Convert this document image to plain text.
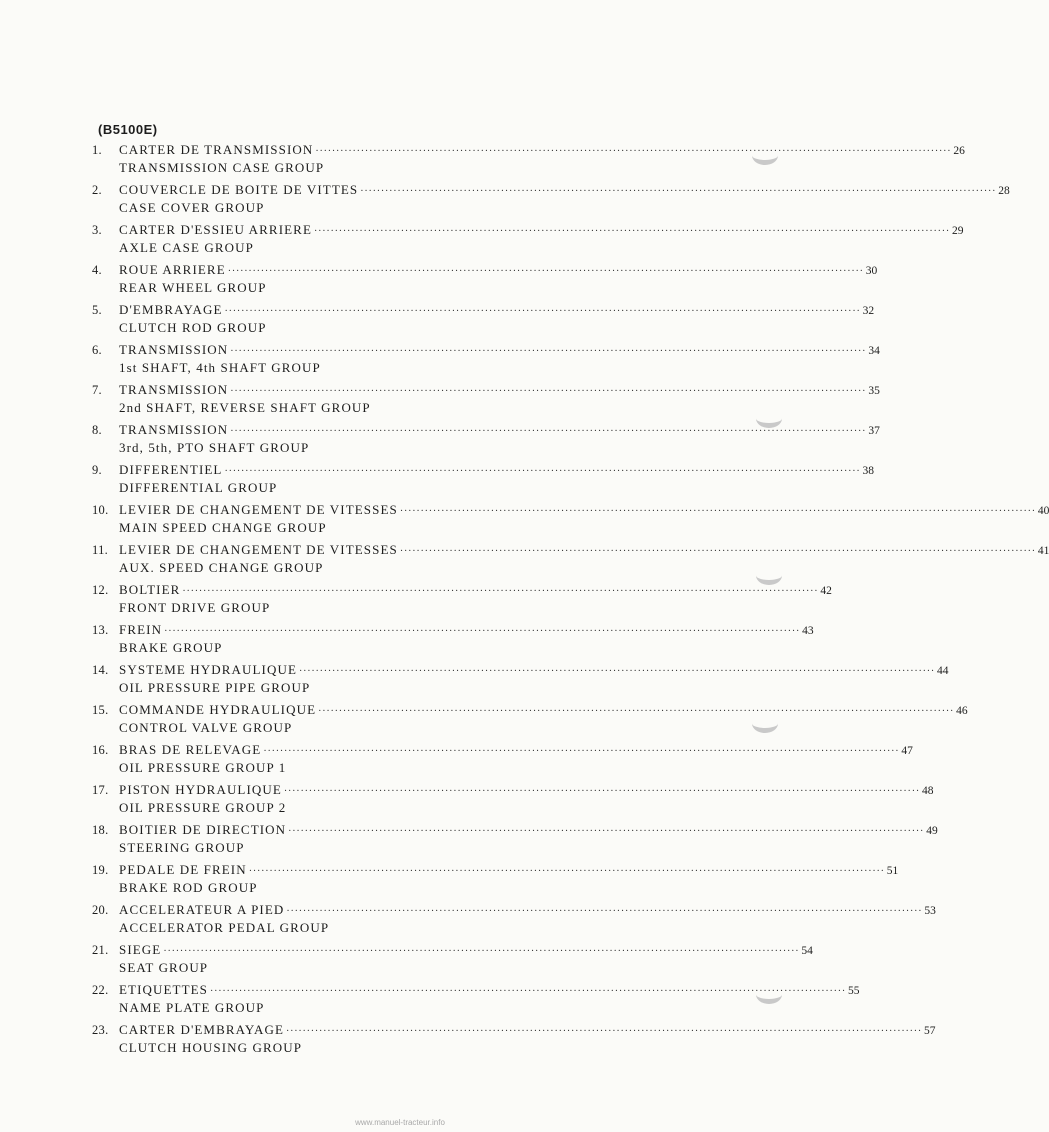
(B5100E)
1.	CARTER DE TRANSMISSION ·························································································································································· 26
TRANSMISSION CASE GROUP
2.	COUVERCLE DE BOITE DE VITTES ·························································································································································· 28
CASE COVER GROUP
3.	CARTER D'ESSIEU ARRIERE ·························································································································································· 29
AXLE CASE GROUP
4.	ROUE ARRIERE ·························································································································································· 30
REAR WHEEL GROUP
5.	D'EMBRAYAGE ·························································································································································· 32
CLUTCH ROD GROUP
6.	TRANSMISSION ·························································································································································· 34
1st SHAFT, 4th SHAFT GROUP
7.	TRANSMISSION ·························································································································································· 35
2nd SHAFT, REVERSE SHAFT GROUP
8.	TRANSMISSION ·························································································································································· 37
3rd, 5th, PTO SHAFT GROUP
9.	DIFFERENTIEL ·························································································································································· 38
DIFFERENTIAL GROUP
10. LEVIER DE CHANGEMENT DE VITESSES ·························································································································································· 40
MAIN SPEED CHANGE GROUP
11. LEVIER DE CHANGEMENT DE VITESSES ·························································································································································· 41
AUX. SPEED CHANGE GROUP
12. BOLTIER ·························································································································································· 42
FRONT DRIVE GROUP
13. FREIN ·························································································································································· 43
BRAKE GROUP
14. SYSTEME HYDRAULIQUE ·························································································································································· 44
OIL PRESSURE PIPE GROUP
15. COMMANDE HYDRAULIQUE ·························································································································································· 46
CONTROL VALVE GROUP
16. BRAS DE RELEVAGE ·························································································································································· 47
OIL PRESSURE GROUP 1
17. PISTON HYDRAULIQUE ·························································································································································· 48
OIL PRESSURE GROUP 2
18. BOITIER DE DIRECTION ·························································································································································· 49
STEERING GROUP
19. PEDALE DE FREIN ·························································································································································· 51
BRAKE ROD GROUP
20. ACCELERATEUR A PIED ·························································································································································· 53
ACCELERATOR PEDAL GROUP
21. SIEGE ·························································································································································· 54
SEAT GROUP
22. ETIQUETTES ·························································································································································· 55
NAME PLATE GROUP
23. CARTER D'EMBRAYAGE ·························································································································································· 57
CLUTCH HOUSING GROUP
www.manuel-tracteur.info
